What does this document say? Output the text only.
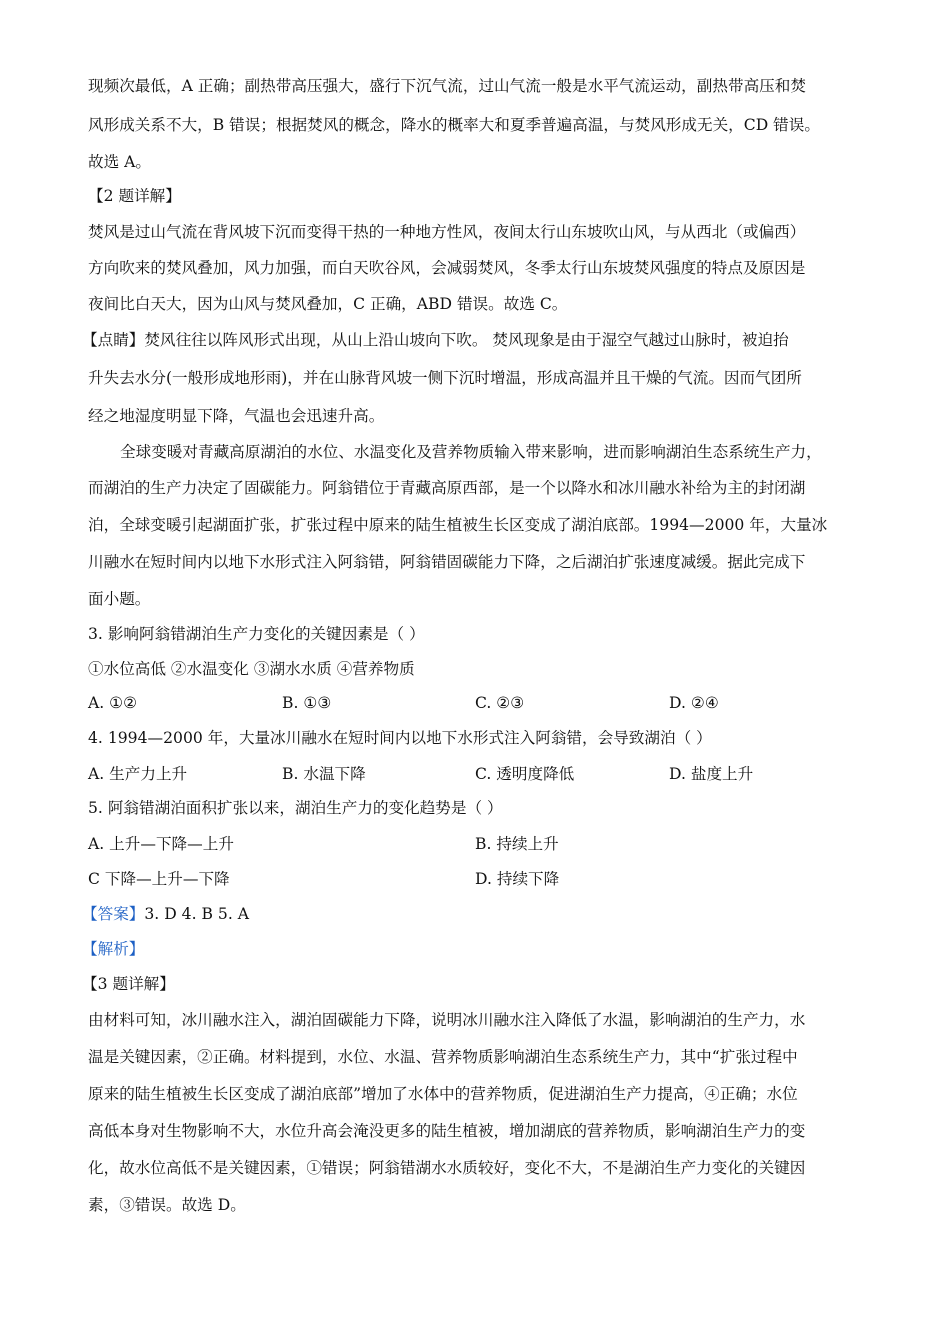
现频次最低，A 正确；副热带高压强大，盛行下沉气流，过山气流一般是水平气流运动，副热带高压和焚

风形成关系不大，B 错误；根据焚风的概念，降水的概率大和夏季普遍高温，与焚风形成无关，CD 错误。

故选 A。

【2 题详解】

焚风是过山气流在背风坡下沉而变得干热的一种地方性风，夜间太行山东坡吹山风，与从西北（或偏西）

方向吹来的焚风叠加，风力加强，而白天吹谷风，会减弱焚风，冬季太行山东坡焚风强度的特点及原因是

夜间比白天大，因为山风与焚风叠加，C 正确，ABD 错误。故选 C。

【点睛】焚风往往以阵风形式出现，从山上沿山坡向下吹。 焚风现象是由于湿空气越过山脉时，被迫抬

升失去水分(一般形成地形雨)，并在山脉背风坡一侧下沉时增温，形成高温并且干燥的气流。因而气团所

经之地湿度明显下降，气温也会迅速升高。

全球变暖对青藏高原湖泊的水位、水温变化及营养物质输入带来影响，进而影响湖泊生态系统生产力，

而湖泊的生产力决定了固碳能力。阿翁错位于青藏高原西部，是一个以降水和冰川融水补给为主的封闭湖

泊，全球变暖引起湖面扩张，扩张过程中原来的陆生植被生长区变成了湖泊底部。1994—2000 年，大量冰

川融水在短时间内以地下水形式注入阿翁错，阿翁错固碳能力下降，之后湖泊扩张速度减缓。据此完成下

面小题。

3. 影响阿翁错湖泊生产力变化的关键因素是（ ）

①水位高低 ②水温变化 ③湖水水质 ④营养物质

A. ①②	B. ①③	C. ②③	D. ②④

4. 1994—2000 年，大量冰川融水在短时间内以地下水形式注入阿翁错，会导致湖泊（ ）

A. 生产力上升	B. 水温下降	C. 透明度降低	D. 盐度上升

5. 阿翁错湖泊面积扩张以来，湖泊生产力的变化趋势是（ ）

A. 上升—下降—上升	B. 持续上升

C 下降—上升—下降	D. 持续下降

【答案】3. D 4. B 5. A

【解析】

【3 题详解】

由材料可知，冰川融水注入，湖泊固碳能力下降，说明冰川融水注入降低了水温，影响湖泊的生产力，水

温是关键因素，②正确。材料提到，水位、水温、营养物质影响湖泊生态系统生产力，其中“扩张过程中

原来的陆生植被生长区变成了湖泊底部”增加了水体中的营养物质，促进湖泊生产力提高，④正确；水位

高低本身对生物影响不大，水位升高会淹没更多的陆生植被，增加湖底的营养物质，影响湖泊生产力的变

化，故水位高低不是关键因素，①错误；阿翁错湖水水质较好，变化不大，不是湖泊生产力变化的关键因

素，③错误。故选 D。
